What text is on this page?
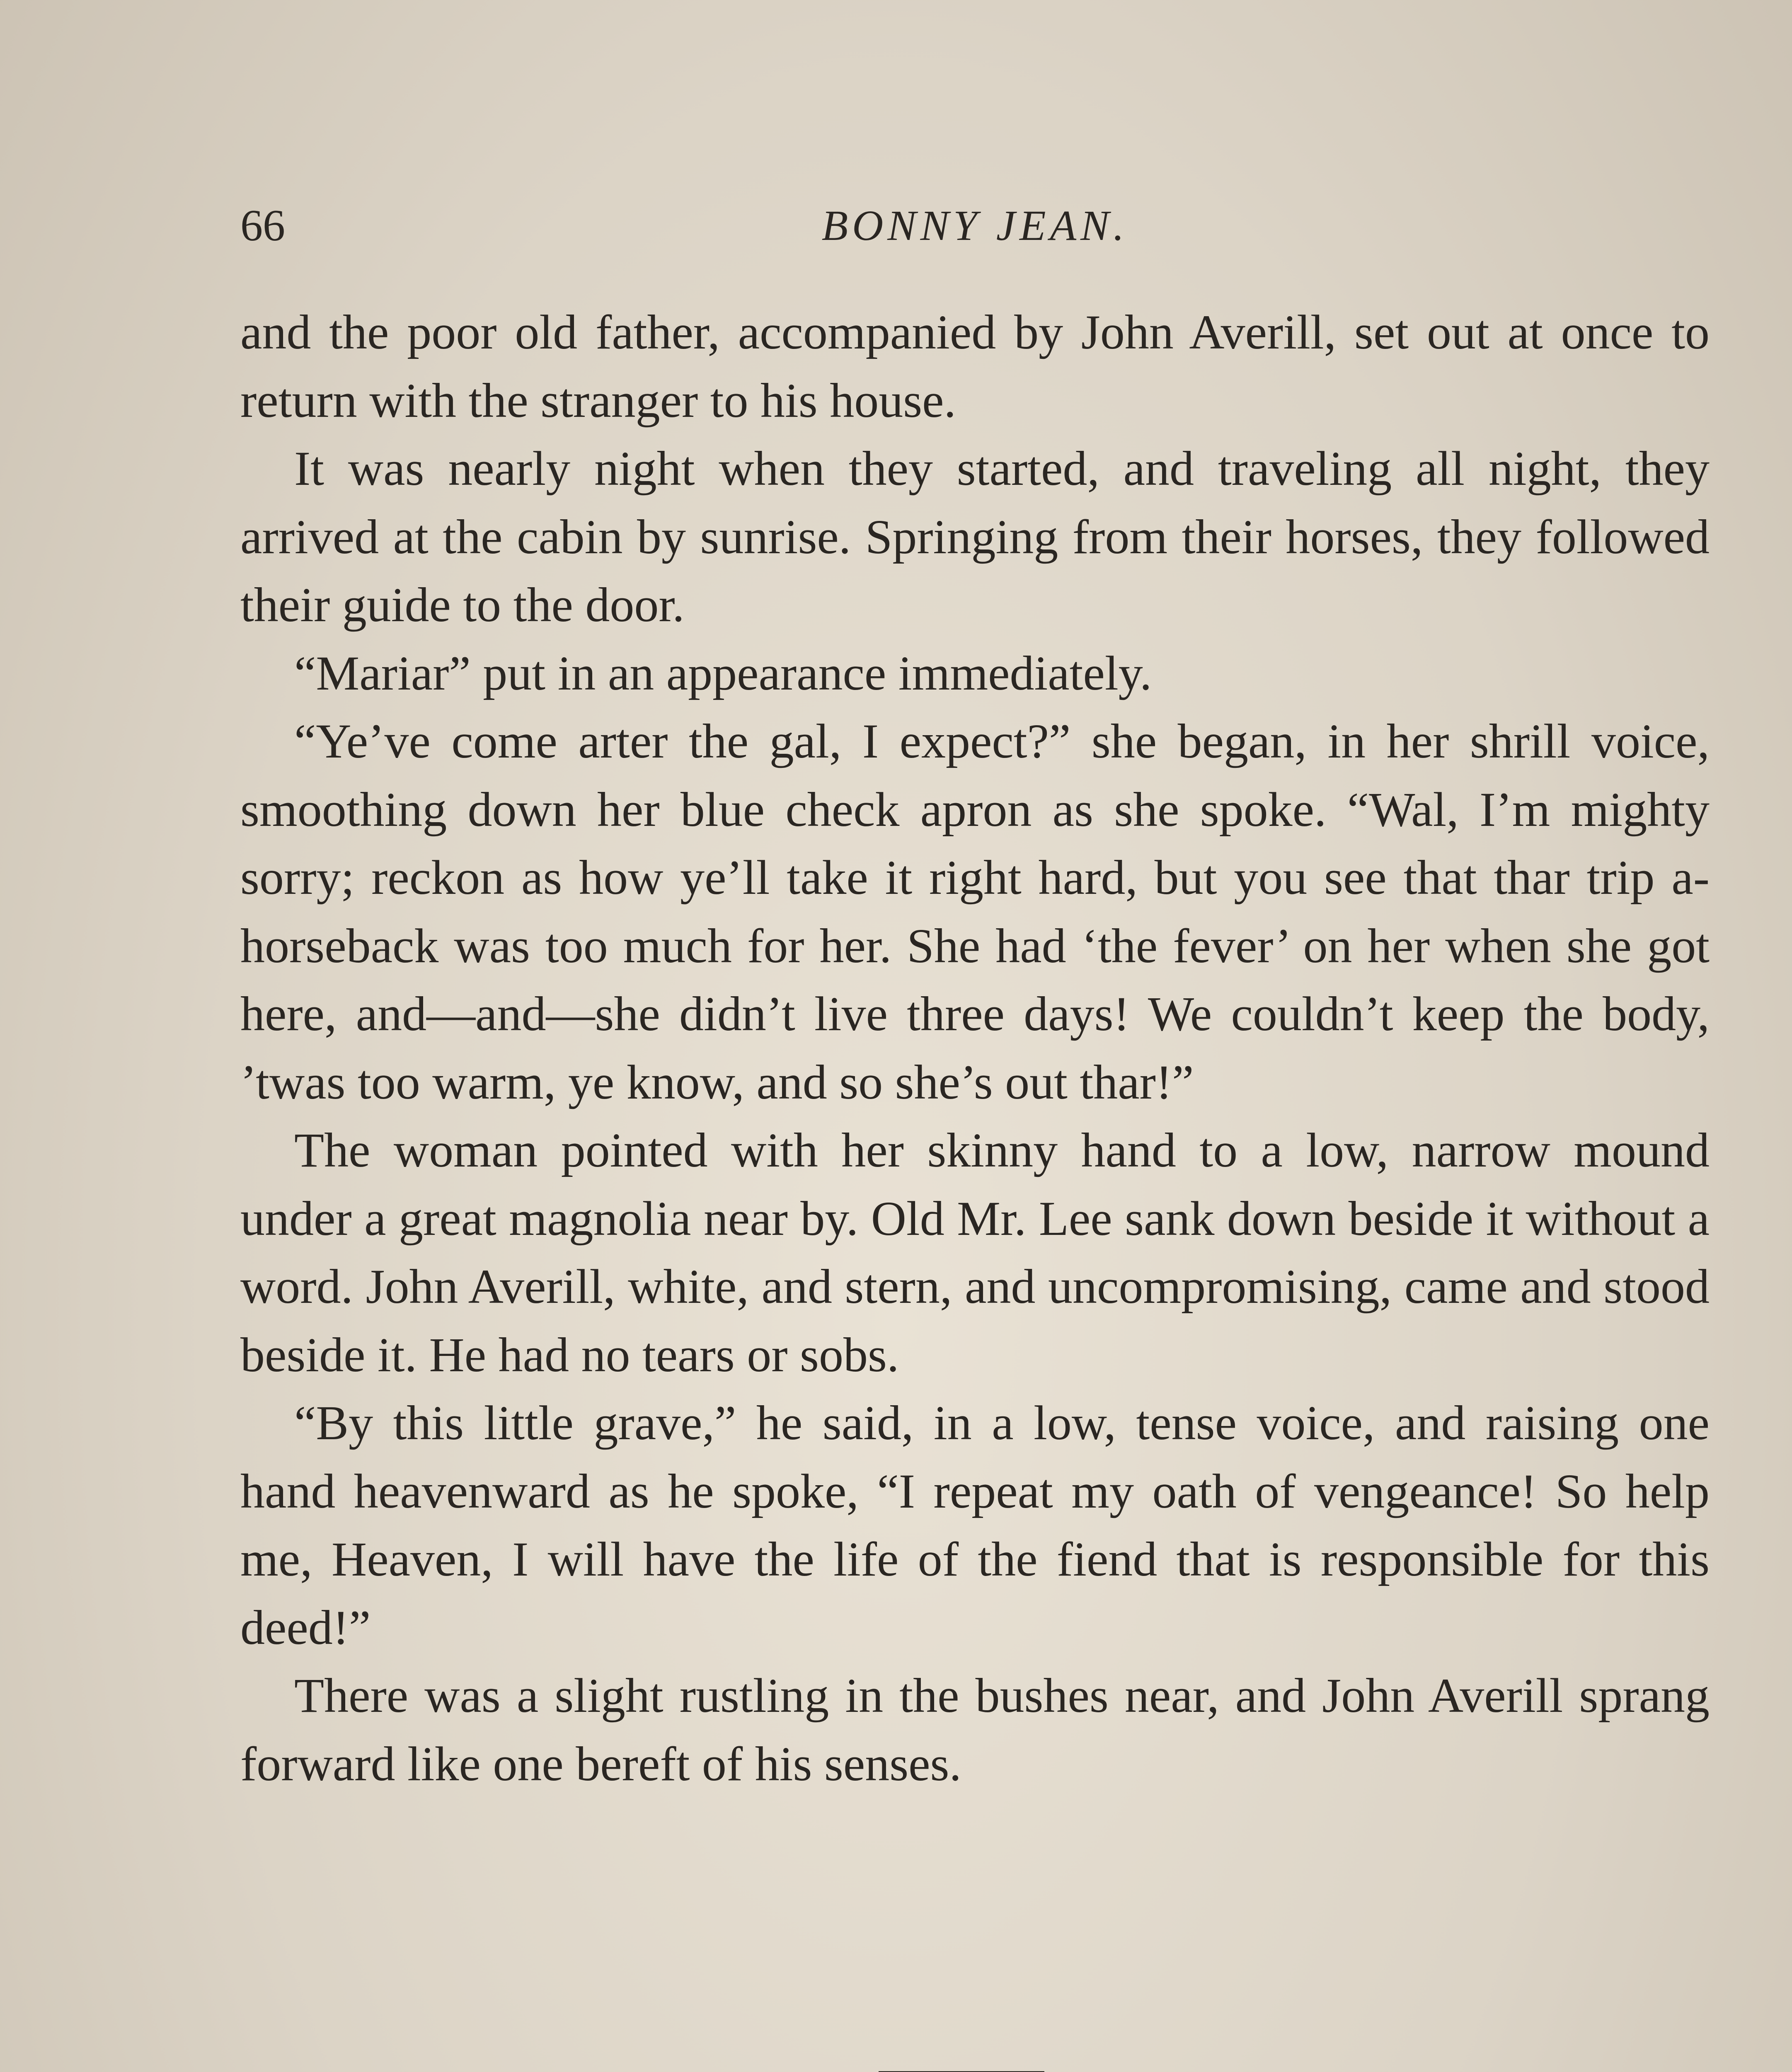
66	BONNY JEAN.

and the poor old father, accompanied by John Averill, set out at once to return with the stranger to his house.

It was nearly night when they started, and traveling all night, they arrived at the cabin by sunrise. Springing from their horses, they followed their guide to the door.

“Mariar” put in an appearance immediately.

“Ye’ve come arter the gal, I expect?” she began, in her shrill voice, smoothing down her blue check apron as she spoke. “Wal, I’m mighty sorry; reckon as how ye’ll take it right hard, but you see that thar trip a-horseback was too much for her. She had ‘the fever’ on her when she got here, and—and—she didn’t live three days! We couldn’t keep the body, ’twas too warm, ye know, and so she’s out thar!”

The woman pointed with her skinny hand to a low, narrow mound under a great magnolia near by. Old Mr. Lee sank down beside it without a word. John Averill, white, and stern, and uncompromising, came and stood beside it. He had no tears or sobs.

“By this little grave,” he said, in a low, tense voice, and raising one hand heavenward as he spoke, “I repeat my oath of vengeance! So help me, Heaven, I will have the life of the fiend that is responsible for this deed!”

There was a slight rustling in the bushes near, and John Averill sprang forward like one bereft of his senses.
